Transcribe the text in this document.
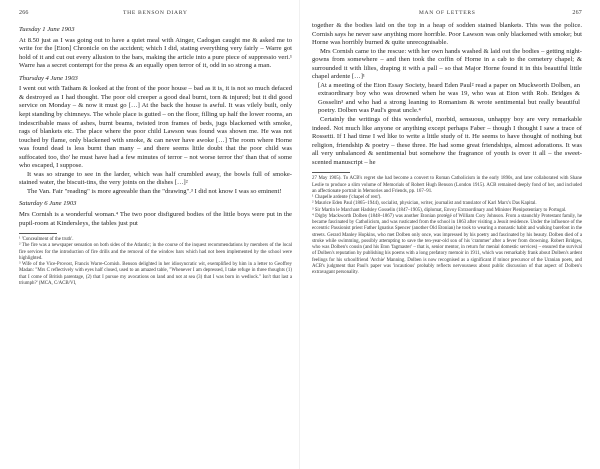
266	THE BENSON DIARY
Tuesday 1 June 1903

At 8.50 just as I was going out to have a quiet meal with Ainger, Cadogan caught me & asked me to write for the [Eton] Chronicle on the accident; which I did, stating everything very fairly – Warre got hold of it and cut out every allusion to the bars, making the article into a pure piece of suppressio veri.¹ Warre has a secret contempt for the press & an equally open terror of it, odd in so strong a man.

Thursday 4 June 1903

I went out with Tatham & looked at the front of the poor house – bad as it is, it is not so much defaced & destroyed as I had thought. The poor old creeper a good deal burnt, torn & injured; but it did good service on Monday – & now it must go […] At the back the house is awful. It was vilely built, only kept standing by chimneys. The whole place is gutted – on the floor, filling up half the lower rooms, an indescribable mass of ashes, burnt beams, twisted iron frames of beds, jugs blackened with smoke, rags of blankets etc. The place where the poor child Lawson was found was shown me. He was not touched by flame, only blackened with smoke, & can never have awoke […] The room where Horne was found dead is less burnt than many – and there seems little doubt that the poor child was suffocated too, tho' he must have had a few minutes of terror – not worse terror tho' than that of some who escaped, I suppose.

It was so strange to see in the larder, which was half crumbled away, the bowls full of smoke-stained water, the biscuit-tins, the very joints on the dishes […]²

The Van. Fair "reading" is more agreeable than the "drawing".³ I did not know I was so eminent!

Saturday 6 June 1903

Mrs Cornish is a wonderful woman.⁴ The two poor disfigured bodies of the little boys were put in the pupil-room at Kindersleys, the tables just put

¹ 'Concealment of the truth'.

² The fire was a newspaper sensation on both sides of the Atlantic; in the course of the inquest recommendations by members of the local fire services for the introduction of fire drills and the removal of the window bars which had not been implemented by the school were highlighted.

³ Wife of the Vice-Provost, Francis Warre-Cornish. Benson delighted in her idiosyncratic wit, exemplified by him in a letter to Geoffrey Madan: "Mrs C reflectively with eyes half closed, used to an amazed table, "Whenever I am depressed, I take refuge in three thoughts (1) that I come of British parentage, (2) that I pursue my avocations on land and not at sea (3) that I was born in wedlock." Isn't that last a triumph?' (MCA, C/ACB/VI,

MAN OF LETTERS	267

together & the bodies laid on the top in a heap of sodden stained blankets. This was the police. Cornish says he never saw anything more horrible. Poor Lawson was only blackened with smoke; but Horne was horribly burned & quite unrecognisable.

Mrs Cornish came to the rescue: with her own hands washed & laid out the bodies – getting night-gowns from somewhere – and then took the coffin of Horne in a cab to the cemetery chapel; & surrounded it with lilies, draping it with a pall – so that Major Horne found it in this beautiful little chapel ardente […]¹

[At a meeting of the Eton Essay Society, heard Eden Paul² read a paper on Muckworth Dolben, an extraordinary boy who was drowned when he was 19, who was at Eton with Rob. Bridges & Gosselin³ and who had a strong leaning to Romanism & wrote sentimental but really beautiful poetry. Dolben was Paul's great uncle.⁴

Certainly the writings of this wonderful, morbid, sensuous, unhappy boy are very remarkable indeed. Not much like anyone or anything except perhaps Faber – though I thought I saw a trace of Rossetti. If I had time I wd like to write a little study of it. He seems to have thought of nothing but religion, friendship & poetry – these three. He had some great friendships, almost adorations. It was all very unbalanced & sentimental but somehow the fragrance of youth is over it all – the sweet-scented manuscript – he

27 May 1905). To ACB's regret she had become a convert to Roman Catholicism in the early 1890s, and later collaborated with Shane Leslie to produce a slim volume of Memorials of Robert Hugh Benson (London 1915). ACB remained deeply fond of her, and included an affectionate portrait in Memories and Friends, pp. 167–91.

¹ Chapelle ardente ('chapel of rest').

² Maurice Eden Paul (1865–1944), socialist, physician, writer, journalist and translator of Karl Marx's Das Kapital.

³ Sir Martin le Marchant Hadsley Gosselin (1847–1905), diplomat, Envoy Extraordinary and Minister Plenipotentiary to Portugal.

⁴ Digby Mackworth Dolben (1848–1867) was another Etonian protégé of William Cory Johnson. From a staunchly Protestant family, he became fascinated by Catholicism, and was rusticated from the school in 1863 after visiting a Jesuit residence. Under the influence of the eccentric Passionist priest Father Ignatius Spencer (another Old Etonian) he took to wearing a monastic habit and walking barefoot in the streets. Gerard Manley Hopkins, who met Dolben only once, was impressed by his poetry and fascinated by his beauty. Dolben died of a stroke while swimming, possibly attempting to save the ten-year-old son of his 'crammer' after a fever from drowning. Robert Bridges, who was Dolben's cousin (and his Eton 'fagmaster' – that is, senior mentor, in return for menial domestic services) – ensured the survival of Dolben's reputation by publishing his poems with a long prefatory memoir in 1911, which was remarkably frank about Dolben's ardent feelings for his schoolfriend 'Archie' Manning. Dolben is now recognised as a significant if minor precursor of the Uranian poets, and ACB's judgment that Paul's paper was 'incautious' probably reflects nervousness about public discussion of that aspect of Dolben's extravagant personality.
